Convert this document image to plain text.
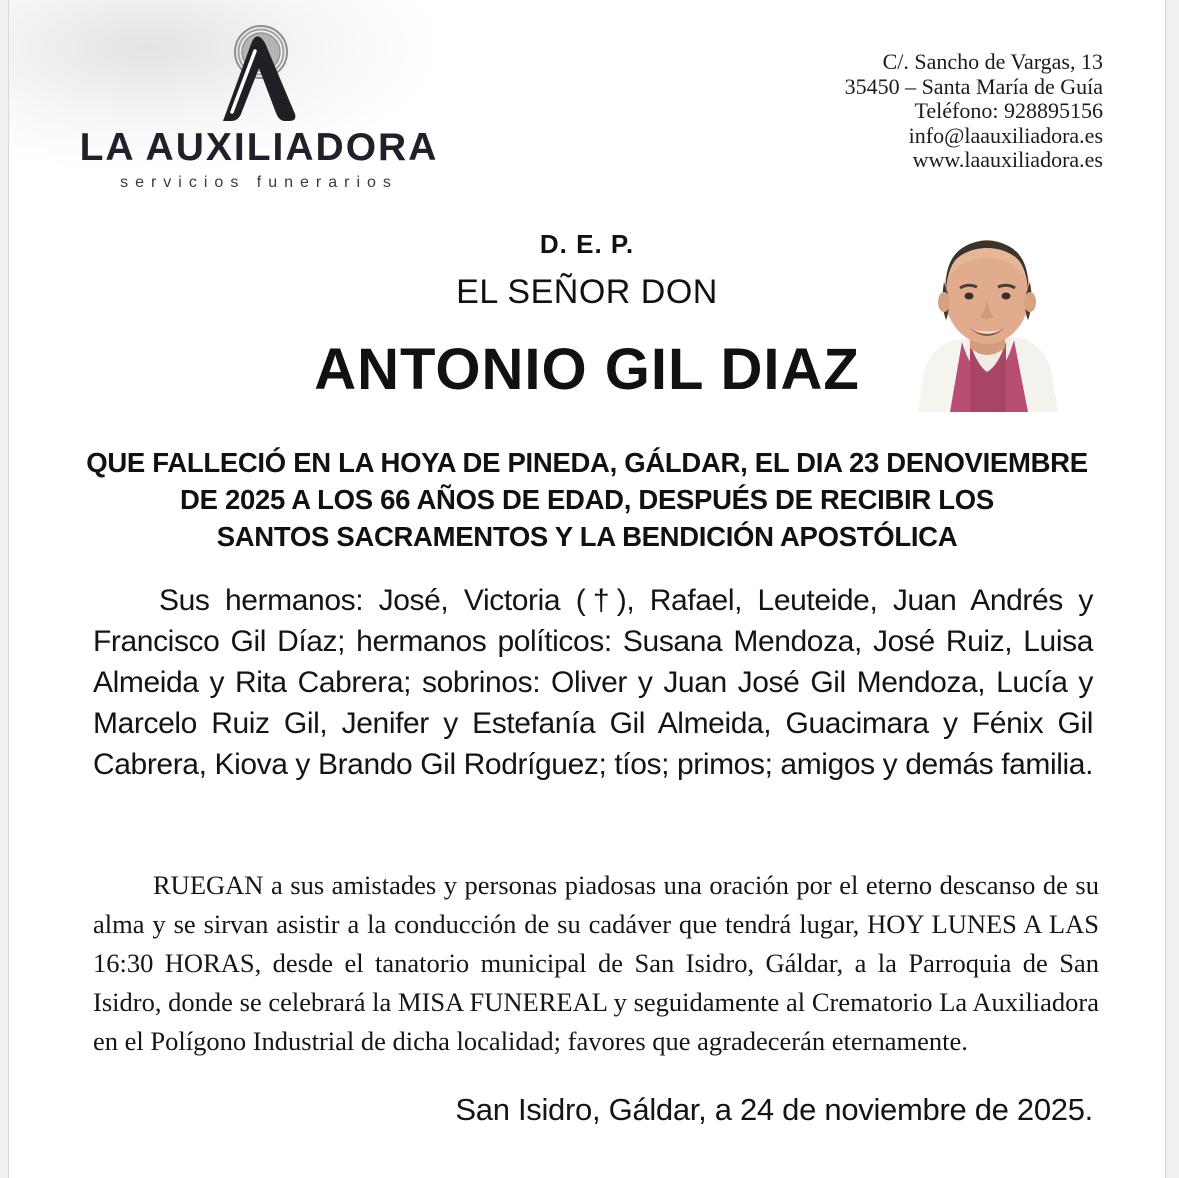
LA AUXILIADORA
servicios funerarios
C/. Sancho de Vargas, 13
35450 – Santa María de Guía
Teléfono: 928895156
info@laauxiliadora.es
www.laauxiliadora.es
D. E. P.
EL SEÑOR DON
ANTONIO GIL DIAZ
QUE FALLECIÓ EN LA HOYA DE PINEDA, GÁLDAR, EL DIA 23 DENOVIEMBRE
DE 2025 A LOS 66 AÑOS DE EDAD, DESPUÉS DE RECIBIR LOS
SANTOS SACRAMENTOS Y LA BENDICIÓN APOSTÓLICA

Sus hermanos: José, Victoria (†), Rafael, Leuteide, Juan Andrés y Francisco Gil Díaz; hermanos políticos: Susana Mendoza, José Ruiz, Luisa Almeida y Rita Cabrera; sobrinos: Oliver y Juan José Gil Mendoza, Lucía y Marcelo Ruiz Gil, Jenifer y Estefanía Gil Almeida, Guacimara y Fénix Gil Cabrera, Kiova y Brando Gil Rodríguez; tíos; primos; amigos y demás familia.

RUEGAN a sus amistades y personas piadosas una oración por el eterno descanso de su alma y se sirvan asistir a la conducción de su cadáver que tendrá lugar, HOY LUNES A LAS 16:30 HORAS, desde el tanatorio municipal de San Isidro, Gáldar, a la Parroquia de San Isidro, donde se celebrará la MISA FUNEREAL y seguidamente al Crematorio La Auxiliadora en el Polígono Industrial de dicha localidad; favores que agradecerán eternamente.

San Isidro, Gáldar, a 24 de noviembre de 2025.
